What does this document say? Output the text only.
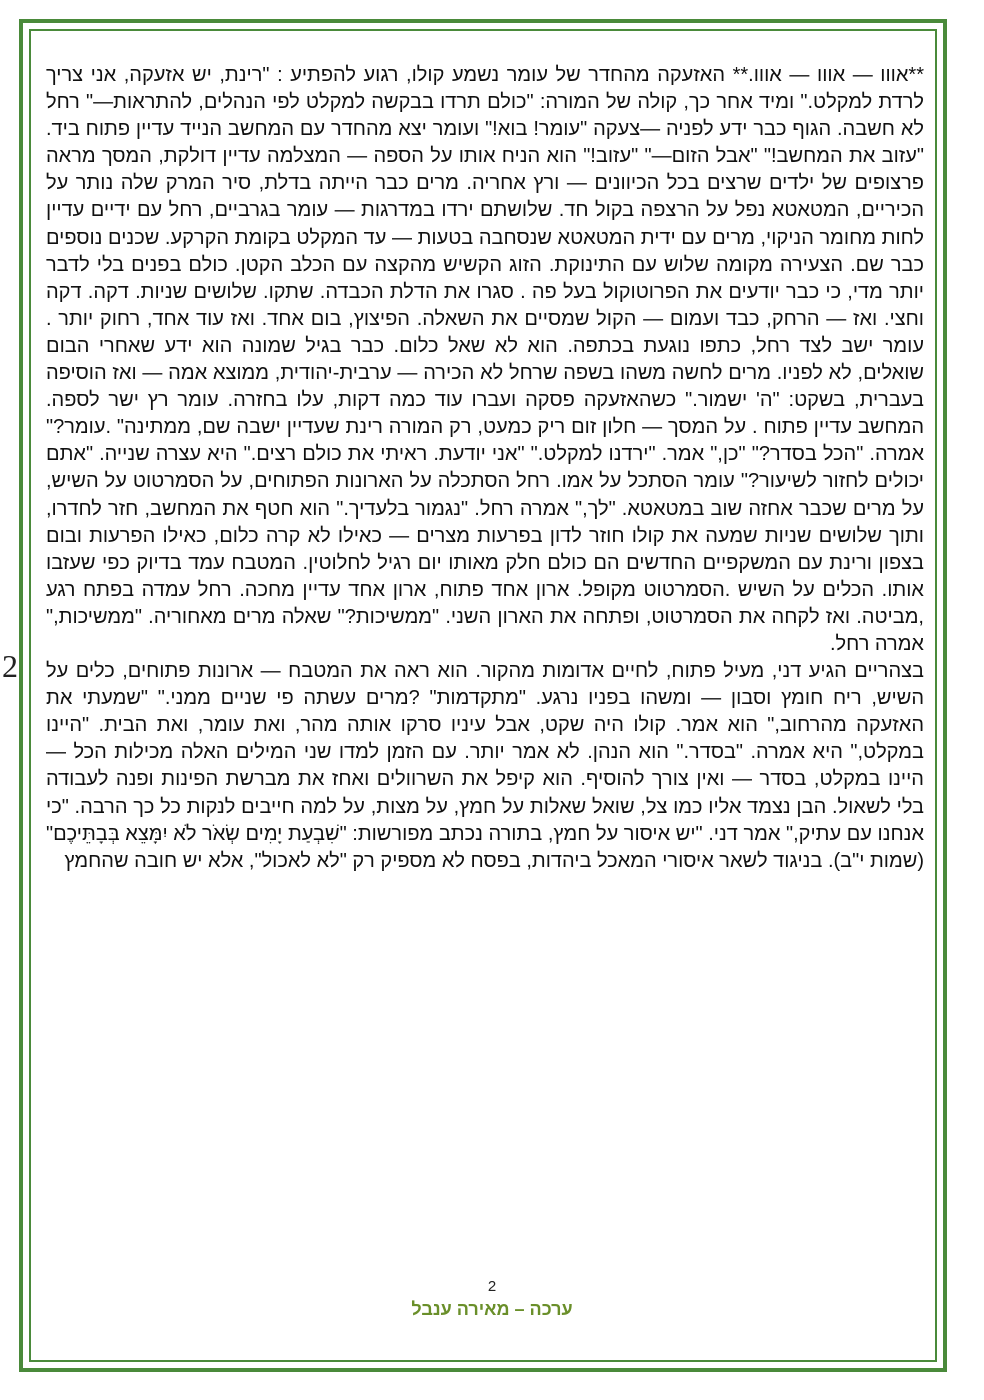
2

**אווו — אווו — אווו.** האזעקה מהחדר של עומר נשמע קולו, רגוע להפתיע : "רינת, יש אזעקה, אני צריך לרדת למקלט." ומיד אחר כך, קולה של המורה: "כולם תרדו בבקשה למקלט לפי הנהלים, להתראות—" רחל לא חשבה. הגוף כבר ידע לפניה —צעקה "עומר! בוא!" ועומר יצא מהחדר עם המחשב הנייד עדיין פתוח ביד. "עזוב את המחשב!" "אבל הזום—" "עזוב!" הוא הניח אותו על הספה — המצלמה עדיין דולקת, המסך מראה פרצופים של ילדים שרצים בכל הכיוונים — ורץ אחריה. מרים כבר הייתה בדלת, סיר המרק שלה נותר על הכיריים, המטאטא נפל על הרצפה בקול חד. שלושתם ירדו במדרגות — עומר בגרביים, רחל עם ידיים עדיין לחות מחומר הניקוי, מרים עם ידית המטאטא שנסחבה בטעות — עד המקלט בקומת הקרקע. שכנים נוספים כבר שם. הצעירה מקומה שלוש עם התינוקת. הזוג הקשיש מהקצה עם הכלב הקטן. כולם בפנים בלי לדבר יותר מדי, כי כבר יודעים את הפרוטוקול בעל פה . סגרו את הדלת הכבדה. שתקו. שלושים שניות. דקה. דקה וחצי. ואז — הרחק, כבד ועמום — הקול שמסיים את השאלה. הפיצוץ, בום אחד. ואז עוד אחד, רחוק יותר . עומר ישב לצד רחל, כתפו נוגעת בכתפה. הוא לא שאל כלום. כבר בגיל שמונה הוא ידע שאחרי הבום שואלים, לא לפניו. מרים לחשה משהו בשפה שרחל לא הכירה — ערבית-יהודית, ממוצא אמה — ואז הוסיפה בעברית, בשקט: "ה' ישמור." כשהאזעקה פסקה ועברו עוד כמה דקות, עלו בחזרה. עומר רץ ישר לספה. המחשב עדיין פתוח . על המסך — חלון זום ריק כמעט, רק המורה רינת שעדיין ישבה שם, ממתינה" .עומר?" אמרה. "הכל בסדר?" "כן," אמר. "ירדנו למקלט." "אני יודעת. ראיתי את כולם רצים." היא עצרה שנייה. "אתם יכולים לחזור לשיעור?" עומר הסתכל על אמו. רחל הסתכלה על הארונות הפתוחים, על הסמרטוט על השיש, על מרים שכבר אחזה שוב במטאטא. "לך," אמרה רחל. "נגמור בלעדיך." הוא חטף את המחשב, חזר לחדרו, ותוך שלושים שניות שמעה את קולו חוזר לדון בפרעות מצרים — כאילו לא קרה כלום, כאילו הפרעות ובום בצפון ורינת עם המשקפיים החדשים הם כולם חלק מאותו יום רגיל לחלוטין. המטבח עמד בדיוק כפי שעזבו אותו. הכלים על השיש .הסמרטוט מקופל. ארון אחד פתוח, ארון אחד עדיין מחכה. רחל עמדה בפתח רגע ,מביטה. ואז לקחה את הסמרטוט, ופתחה את הארון השני. "ממשיכות?" שאלה מרים מאחוריה. "ממשיכות," אמרה רחל.

בצהריים הגיע דני, מעיל פתוח, לחיים אדומות מהקור. הוא ראה את המטבח — ארונות פתוחים, כלים על השיש, ריח חומץ וסבון — ומשהו בפניו נרגע. "מתקדמות" ?מרים עשתה פי שניים ממני." "שמעתי את האזעקה מהרחוב," הוא אמר. קולו היה שקט, אבל עיניו סרקו אותה מהר, ואת עומר, ואת הבית. "היינו במקלט," היא אמרה. "בסדר." הוא הנהן. לא אמר יותר. עם הזמן למדו שני המילים האלה מכילות הכל — היינו במקלט, בסדר — ואין צורך להוסיף. הוא קיפל את השרוולים ואחז את מברשת הפינות ופנה לעבודה בלי לשאול. הבן נצמד אליו כמו צל, שואל שאלות על חמץ, על מצות, על למה חייבים לנקות כל כך הרבה. "כי אנחנו עם עתיק," אמר דני. "יש איסור על חמץ, בתורה נכתב מפורשות: "שִׁבְעַת יָמִים שְׂאֹר לֹא יִמָּצֵא בְּבָתֵּיכֶם" (שמות י"ב). בניגוד לשאר איסורי המאכל ביהדות, בפסח לא מספיק רק "לא לאכול", אלא יש חובה שהחמץ

2
ערכה – מאירה ענבל
